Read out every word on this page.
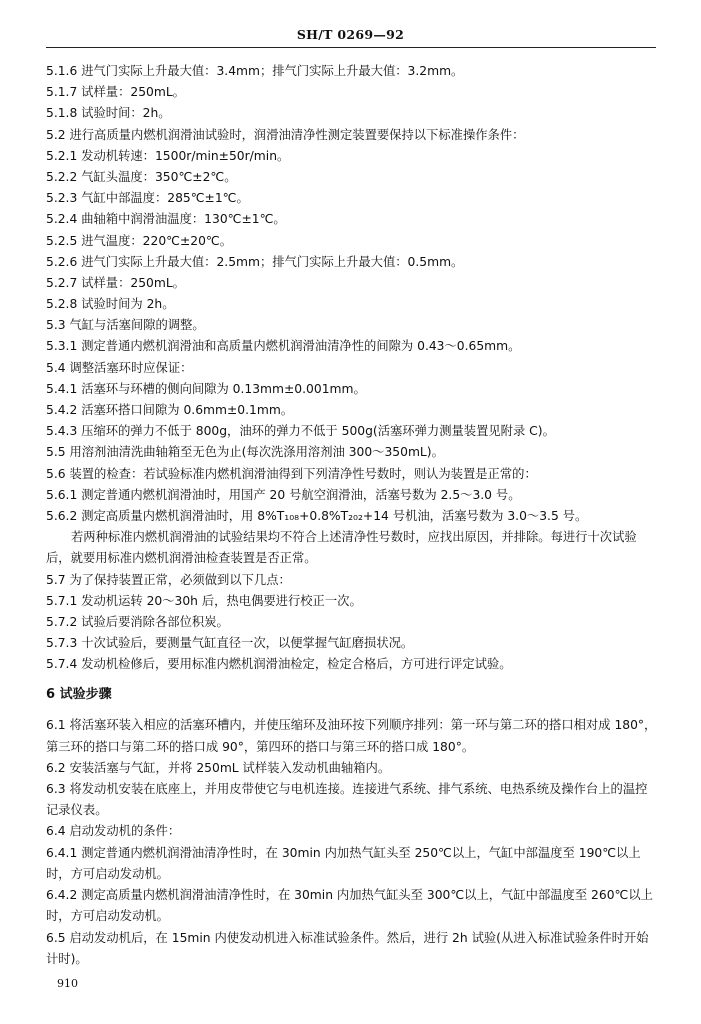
SH/T 0269—92
5.1.6 进气门实际上升最大值：3.4mm；排气门实际上升最大值：3.2mm。
5.1.7 试样量：250mL。
5.1.8 试验时间：2h。
5.2 进行高质量内燃机润滑油试验时，润滑油清净性测定装置要保持以下标准操作条件：
5.2.1 发动机转速：1500r/min±50r/min。
5.2.2 气缸头温度：350℃±2℃。
5.2.3 气缸中部温度：285℃±1℃。
5.2.4 曲轴箱中润滑油温度：130℃±1℃。
5.2.5 进气温度：220℃±20℃。
5.2.6 进气门实际上升最大值：2.5mm；排气门实际上升最大值：0.5mm。
5.2.7 试样量：250mL。
5.2.8 试验时间为 2h。
5.3 气缸与活塞间隙的调整。
5.3.1 测定普通内燃机润滑油和高质量内燃机润滑油清净性的间隙为 0.43～0.65mm。
5.4 调整活塞环时应保证：
5.4.1 活塞环与环槽的侧向间隙为 0.13mm±0.001mm。
5.4.2 活塞环搭口间隙为 0.6mm±0.1mm。
5.4.3 压缩环的弹力不低于 800g，油环的弹力不低于 500g(活塞环弹力测量装置见附录 C)。
5.5 用溶剂油清洗曲轴箱至无色为止(每次洗涤用溶剂油 300～350mL)。
5.6 装置的检查：若试验标准内燃机润滑油得到下列清净性号数时，则认为装置是正常的：
5.6.1 测定普通内燃机润滑油时，用国产 20 号航空润滑油，活塞号数为 2.5～3.0 号。
5.6.2 测定高质量内燃机润滑油时，用 8%T₁₀₈+0.8%T₂₀₂+14 号机油，活塞号数为 3.0～3.5 号。
若两种标准内燃机润滑油的试验结果均不符合上述清净性号数时，应找出原因，并排除。每进行十次试验后，就要用标准内燃机润滑油检查装置是否正常。
5.7 为了保持装置正常，必须做到以下几点：
5.7.1 发动机运转 20～30h 后，热电偶要进行校正一次。
5.7.2 试验后要消除各部位积炭。
5.7.3 十次试验后，要测量气缸直径一次，以便掌握气缸磨损状况。
5.7.4 发动机检修后，要用标准内燃机润滑油检定，检定合格后，方可进行评定试验。
6 试验步骤
6.1 将活塞环装入相应的活塞环槽内，并使压缩环及油环按下列顺序排列：第一环与第二环的搭口相对成 180°，第三环的搭口与第二环的搭口成 90°，第四环的搭口与第三环的搭口成 180°。
6.2 安装活塞与气缸，并将 250mL 试样装入发动机曲轴箱内。
6.3 将发动机安装在底座上，并用皮带使它与电机连接。连接进气系统、排气系统、电热系统及操作台上的温控记录仪表。
6.4 启动发动机的条件：
6.4.1 测定普通内燃机润滑油清净性时，在 30min 内加热气缸头至 250℃以上，气缸中部温度至 190℃以上时，方可启动发动机。
6.4.2 测定高质量内燃机润滑油清净性时，在 30min 内加热气缸头至 300℃以上，气缸中部温度至 260℃以上时，方可启动发动机。
6.5 启动发动机后，在 15min 内使发动机进入标准试验条件。然后，进行 2h 试验(从进入标准试验条件时开始计时)。
910
